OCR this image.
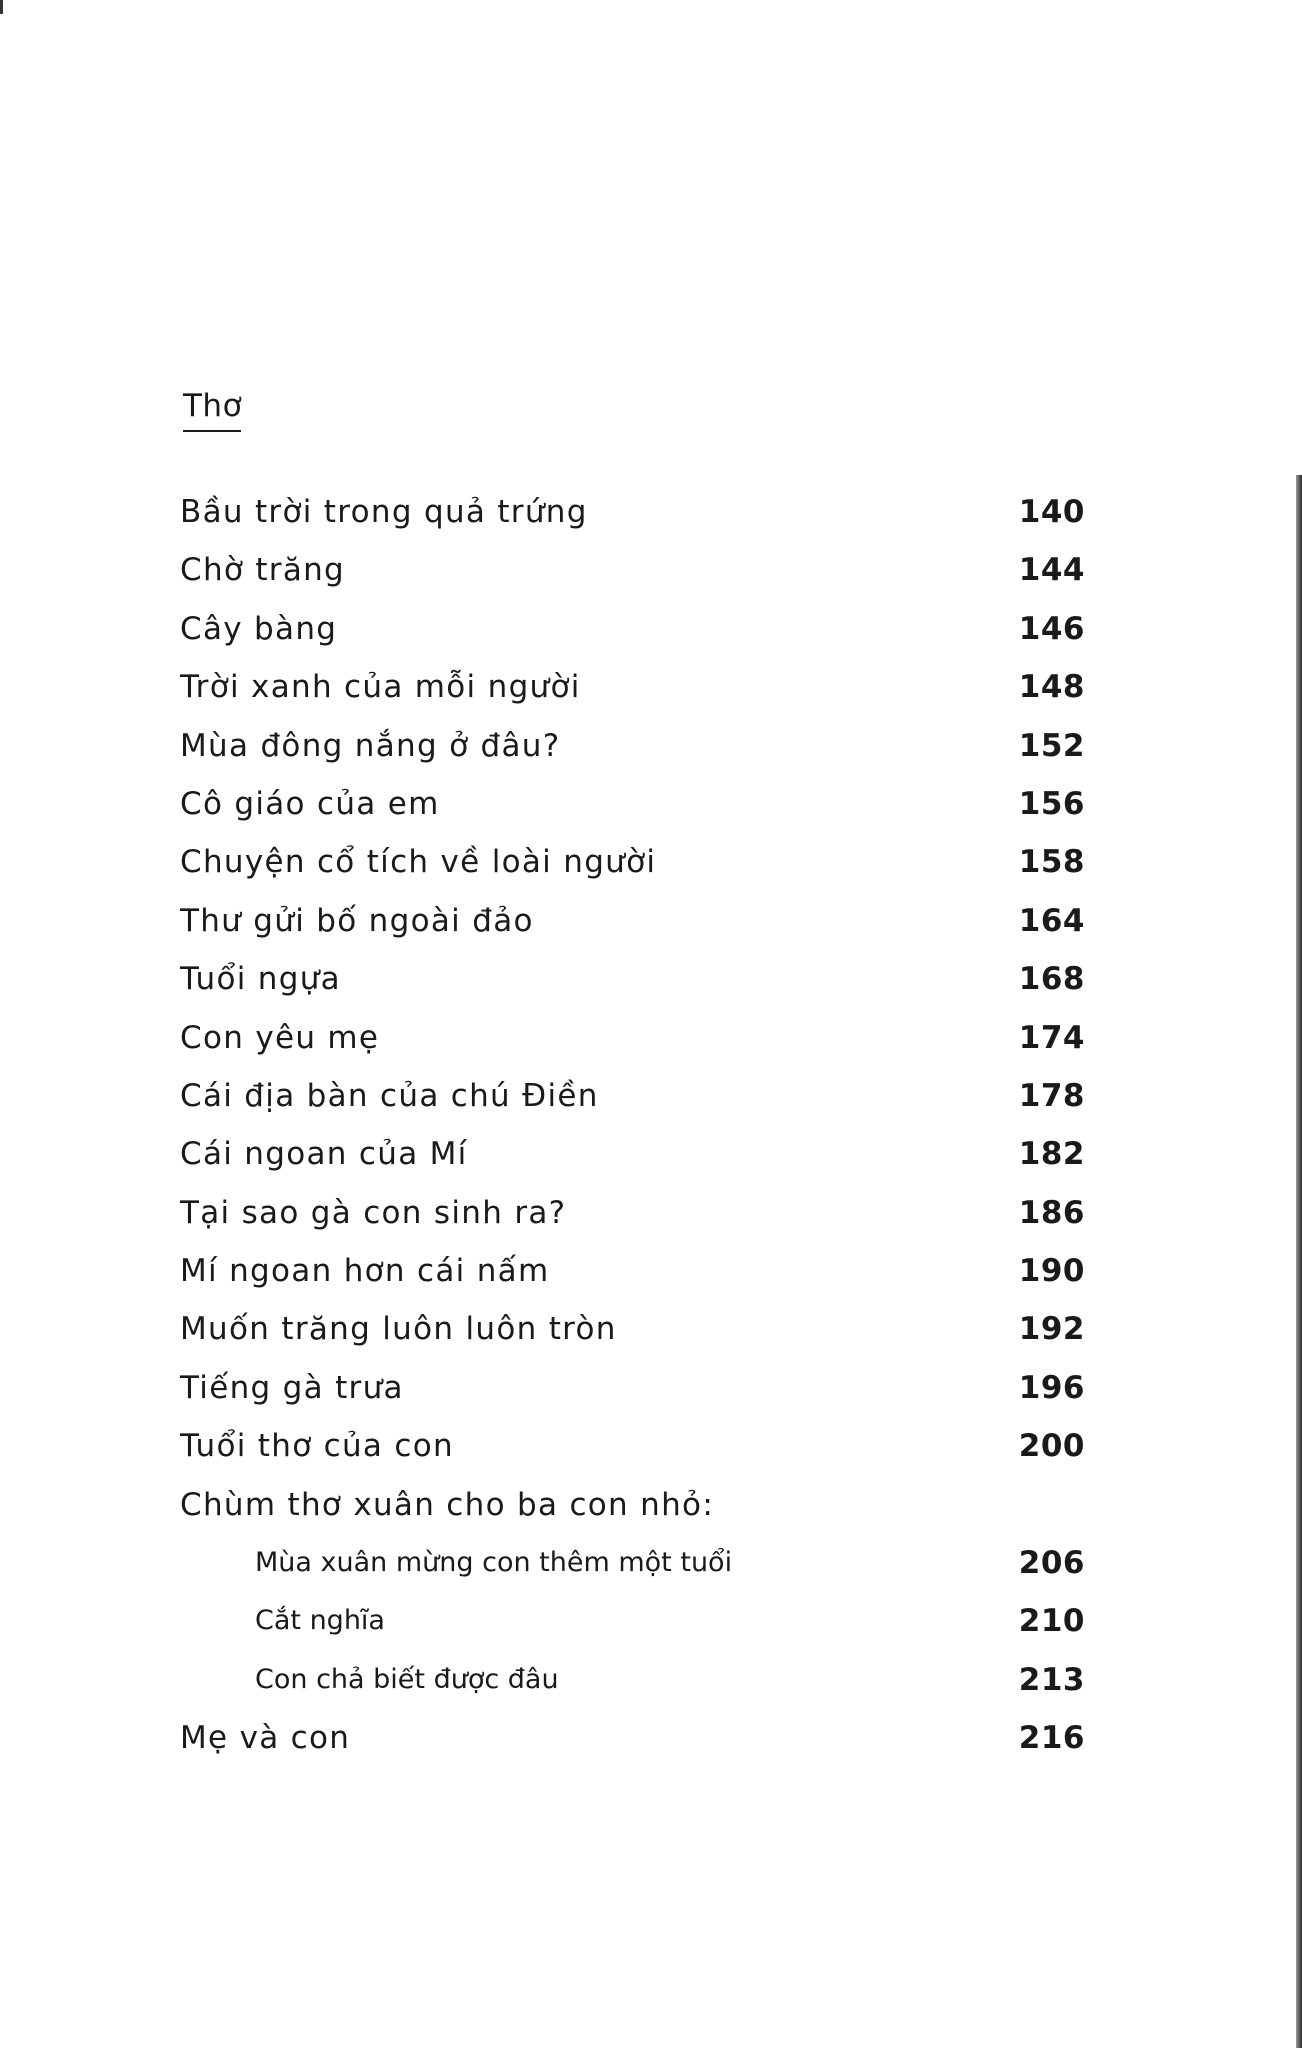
Thơ
Bầu trời trong quả trứng	140
Chờ trăng	144
Cây bàng	146
Trời xanh của mỗi người	148
Mùa đông nắng ở đâu?	152
Cô giáo của em	156
Chuyện cổ tích về loài người	158
Thư gửi bố ngoài đảo	164
Tuổi ngựa	168
Con yêu mẹ	174
Cái địa bàn của chú Điền	178
Cái ngoan của Mí	182
Tại sao gà con sinh ra?	186
Mí ngoan hơn cái nấm	190
Muốn trăng luôn luôn tròn	192
Tiếng gà trưa	196
Tuổi thơ của con	200
Chùm thơ xuân cho ba con nhỏ:
Mùa xuân mừng con thêm một tuổi	206
Cắt nghĩa	210
Con chả biết được đâu	213
Mẹ và con	216
